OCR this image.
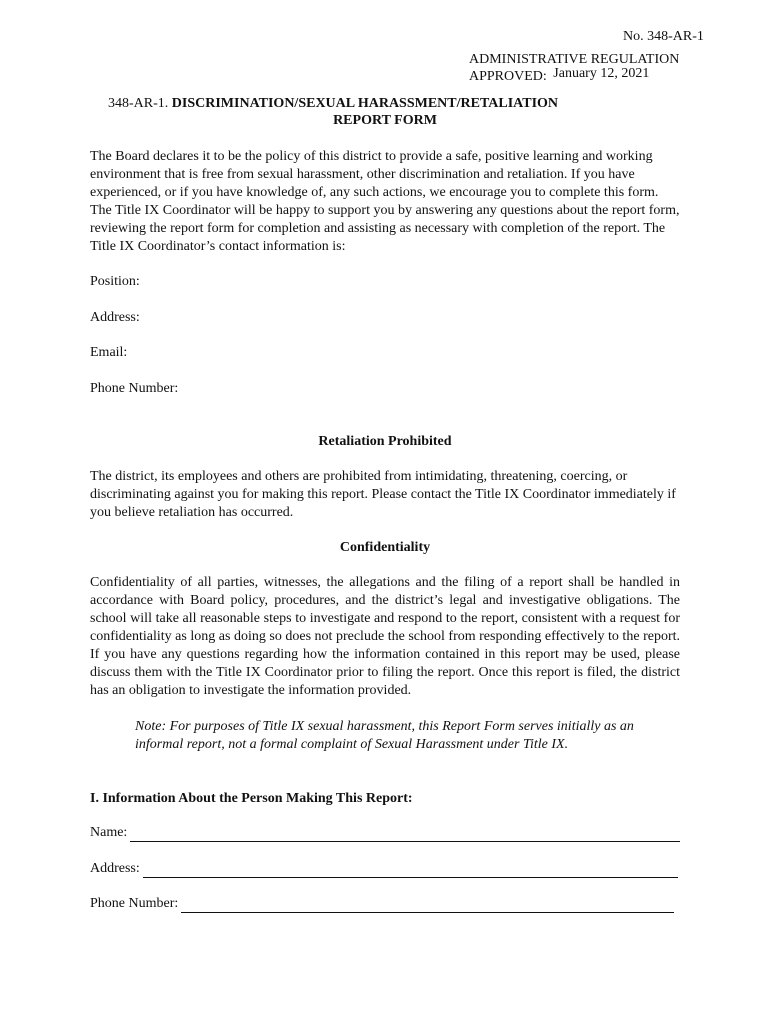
No. 348-AR-1

ADMINISTRATIVE REGULATION

APPROVED: January 12, 2021

348-AR-1. DISCRIMINATION/SEXUAL HARASSMENT/RETALIATION

REPORT FORM

The Board declares it to be the policy of this district to provide a safe, positive learning and working environment that is free from sexual harassment, other discrimination and retaliation. If you have experienced, or if you have knowledge of, any such actions, we encourage you to complete this form. The Title IX Coordinator will be happy to support you by answering any questions about the report form, reviewing the report form for completion and assisting as necessary with completion of the report. The Title IX Coordinator’s contact information is:

Position:

Address:

Email:

Phone Number:

Retaliation Prohibited

The district, its employees and others are prohibited from intimidating, threatening, coercing, or discriminating against you for making this report. Please contact the Title IX Coordinator immediately if you believe retaliation has occurred.

Confidentiality

Confidentiality of all parties, witnesses, the allegations and the filing of a report shall be handled in accordance with Board policy, procedures, and the district’s legal and investigative obligations. The school will take all reasonable steps to investigate and respond to the report, consistent with a request for confidentiality as long as doing so does not preclude the school from responding effectively to the report. If you have any questions regarding how the information contained in this report may be used, please discuss them with the Title IX Coordinator prior to filing the report. Once this report is filed, the district has an obligation to investigate the information provided.

Note: For purposes of Title IX sexual harassment, this Report Form serves initially as an informal report, not a formal complaint of Sexual Harassment under Title IX.

I. Information About the Person Making This Report:

Name:
Address:
Phone Number:
